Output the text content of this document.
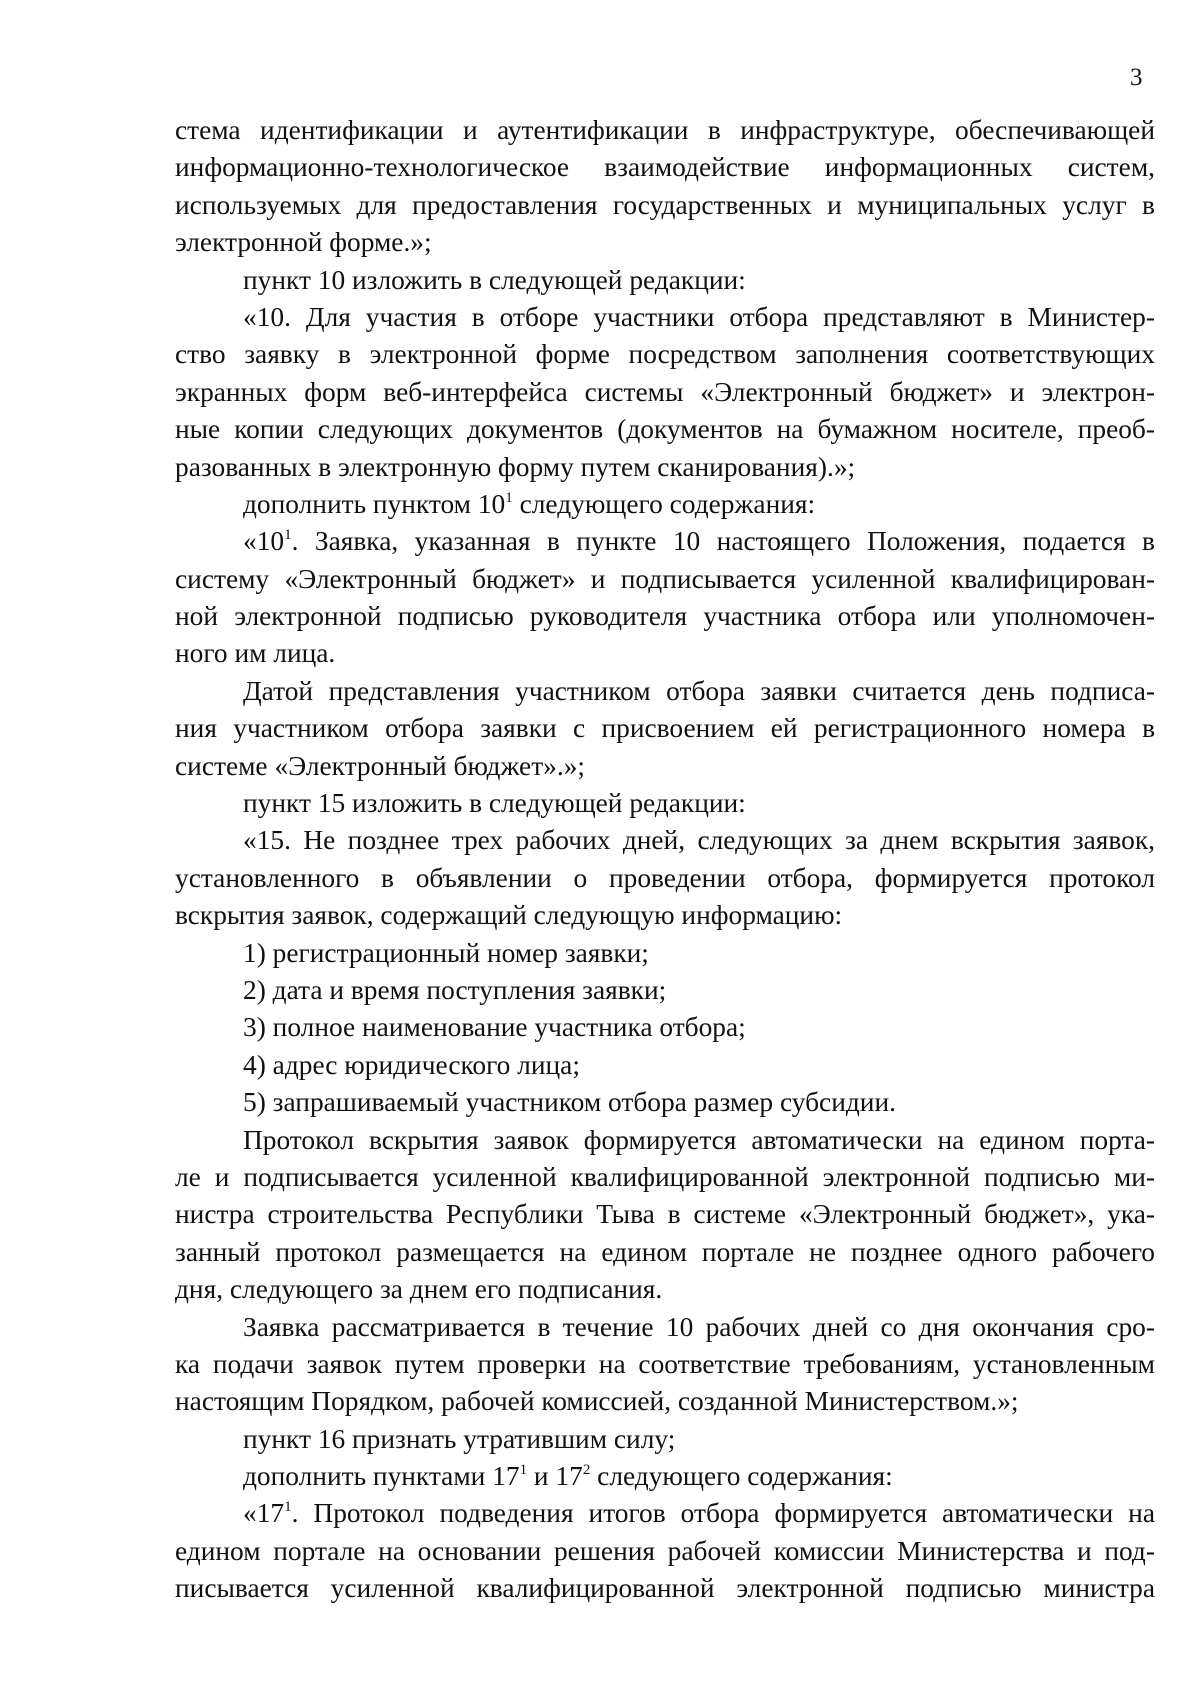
3
стема идентификации и аутентификации в инфраструктуре, обеспечивающей
информационно-технологическое взаимодействие информационных систем,
используемых для предоставления государственных и муниципальных услуг в
электронной форме.»;
пункт 10 изложить в следующей редакции:
«10. Для участия в отборе участники отбора представляют в Министер-
ство заявку в электронной форме посредством заполнения соответствующих
экранных форм веб-интерфейса системы «Электронный бюджет» и электрон-
ные копии следующих документов (документов на бумажном носителе, преоб-
разованных в электронную форму путем сканирования).»;
дополнить пунктом $10^1$ следующего содержания:
«$10^1$. Заявка, указанная в пункте 10 настоящего Положения, подается в
систему «Электронный бюджет» и подписывается усиленной квалифицирован-
ной электронной подписью руководителя участника отбора или уполномочен-
ного им лица.
Датой представления участником отбора заявки считается день подписа-
ния участником отбора заявки с присвоением ей регистрационного номера в
системе «Электронный бюджет».»;
пункт 15 изложить в следующей редакции:
«15. Не позднее трех рабочих дней, следующих за днем вскрытия заявок,
установленного в объявлении о проведении отбора, формируется протокол
вскрытия заявок, содержащий следующую информацию:
1) регистрационный номер заявки;
2) дата и время поступления заявки;
3) полное наименование участника отбора;
4) адрес юридического лица;
5) запрашиваемый участником отбора размер субсидии.
Протокол вскрытия заявок формируется автоматически на едином порта-
ле и подписывается усиленной квалифицированной электронной подписью ми-
нистра строительства Республики Тыва в системе «Электронный бюджет», ука-
занный протокол размещается на едином портале не позднее одного рабочего
дня, следующего за днем его подписания.
Заявка рассматривается в течение 10 рабочих дней со дня окончания сро-
ка подачи заявок путем проверки на соответствие требованиям, установленным
настоящим Порядком, рабочей комиссией, созданной Министерством.»;
пункт 16 признать утратившим силу;
дополнить пунктами $17^1$ и $17^2$ следующего содержания:
«$17^1$. Протокол подведения итогов отбора формируется автоматически на
едином портале на основании решения рабочей комиссии Министерства и под-
писывается усиленной квалифицированной электронной подписью министра
